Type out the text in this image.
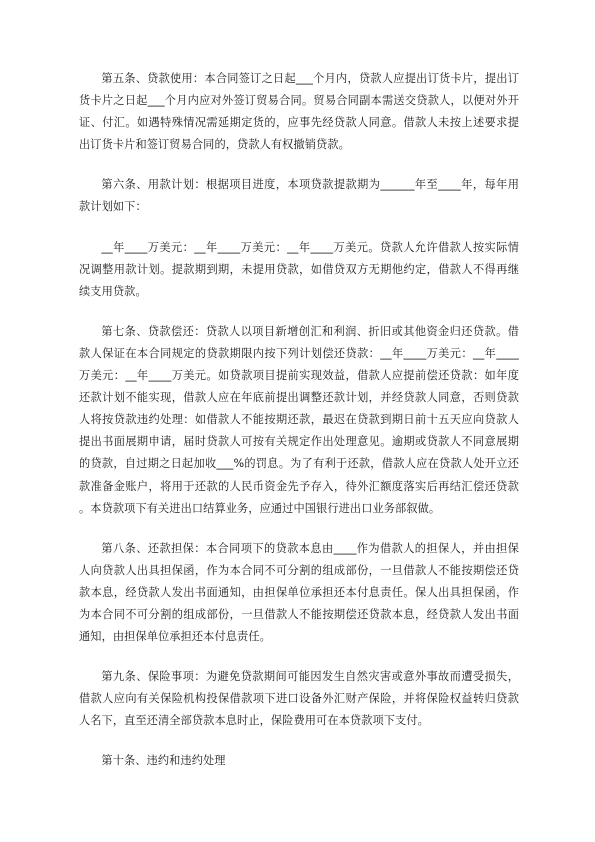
第五条、贷款使用：本合同签订之日起___个月内，贷款人应提出订货卡片，提出订货卡片之日起___个月内应对外签订贸易合同。贸易合同副本需送交贷款人，以便对外开证、付汇。如遇特殊情况需延期定货的，应事先经贷款人同意。借款人未按上述要求提出订货卡片和签订贸易合同的，贷款人有权撤销贷款。

第六条、用款计划：根据项目进度，本项贷款提款期为______年至____年，每年用款计划如下：

__年____万美元：__年____万美元：__年____万美元。贷款人允许借款人按实际情况调整用款计划。提款期到期，未提用贷款，如借贷双方无期他约定，借款人不得再继续支用贷款。

第七条、贷款偿还：贷款人以项目新增创汇和利润、折旧或其他资金归还贷款。借款人保证在本合同规定的贷款期限内按下列计划偿还贷款：__年____万美元：__年____万美元：__年____万美元。如贷款项目提前实现效益，借款人应提前偿还贷款：如年度还款计划不能实现，借款人应在年底前提出调整还款计划，并经贷款人同意，否则贷款人将按贷款违约处理：如借款人不能按期还款，最迟在贷款到期日前十五天应向贷款人提出书面展期申请，届时贷款人可按有关规定作出处理意见。逾期或贷款人不同意展期的贷款，自过期之日起加收___%的罚息。为了有利于还款，借款人应在贷款人处开立还款准备金账户，将用于还款的人民币资金先予存入，待外汇额度落实后再结汇偿还贷款。本贷款项下有关进出口结算业务，应通过中国银行进出口业务部叙做。

第八条、还款担保：本合同项下的贷款本息由____作为借款人的担保人，并由担保人向贷款人出具担保函，作为本合同不可分割的组成部份，一旦借款人不能按期偿还贷款本息，经贷款人发出书面通知，由担保单位承担还本付息责任。保人出具担保函，作为本合同不可分割的组成部份，一旦借款人不能按期偿还贷款本息，经贷款人发出书面通知，由担保单位承担还本付息责任。

第九条、保险事项：为避免贷款期间可能因发生自然灾害或意外事故而遭受损失，借款人应向有关保险机构投保借款项下进口设备外汇财产保险，并将保险权益转归贷款人名下，直至还清全部贷款本息时止，保险费用可在本贷款项下支付。

第十条、违约和违约处理
